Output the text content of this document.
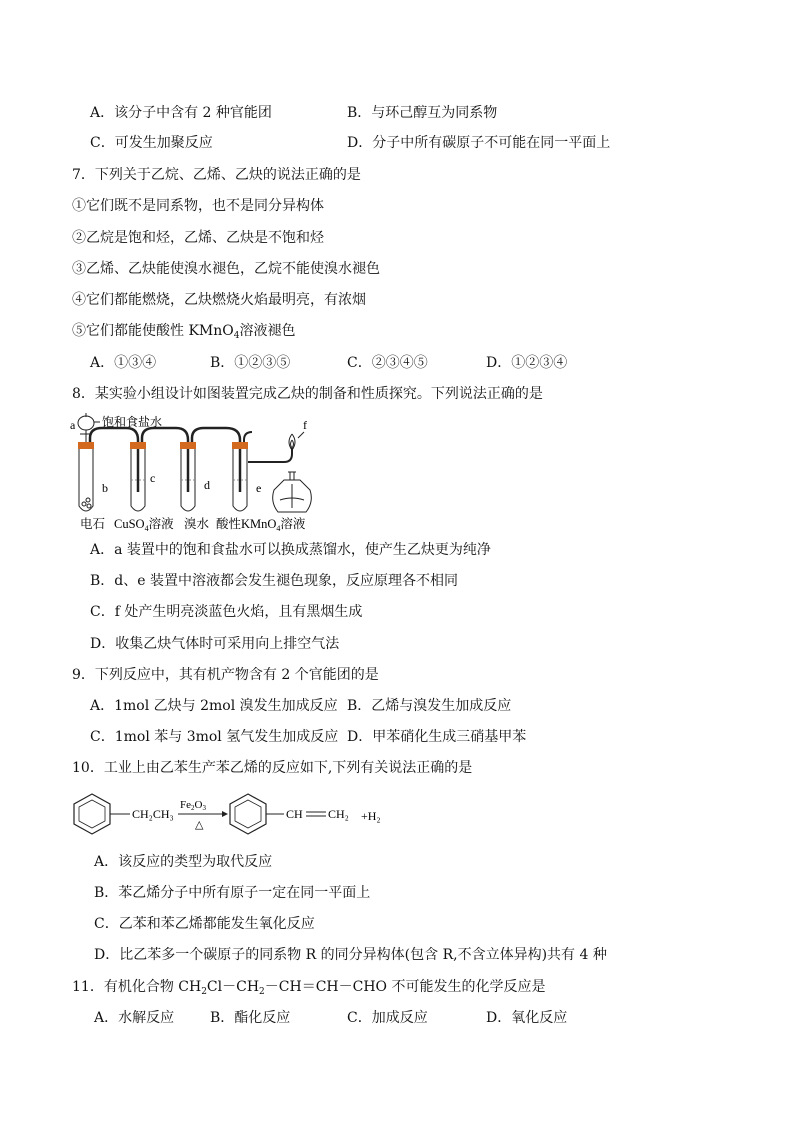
A．该分子中含有 2 种官能团	B．与环己醇互为同系物
C．可发生加聚反应	D．分子中所有碳原子不可能在同一平面上
7．下列关于乙烷、乙烯、乙炔的说法正确的是
①它们既不是同系物，也不是同分异构体
②乙烷是饱和烃，乙烯、乙炔是不饱和烃
③乙烯、乙炔能使溴水褪色，乙烷不能使溴水褪色
④它们都能燃烧，乙炔燃烧火焰最明亮，有浓烟
⑤它们都能使酸性 KMnO$_4$溶液褪色
A．①③④	B．①②③⑤	C．②③④⑤	D．①②③④
8．某实验小组设计如图装置完成乙炔的制备和性质探究。下列说法正确的是
a 饱和食盐水
b
c	d	e
f
电石 CuSO$_4$溶液 溴水 酸性KMnO$_4$溶液
A．a 装置中的饱和食盐水可以换成蒸馏水，使产生乙炔更为纯净
B．d、e 装置中溶液都会发生褪色现象，反应原理各不相同
C．f 处产生明亮淡蓝色火焰，且有黑烟生成
D．收集乙炔气体时可采用向上排空气法
9．下列反应中，其有机产物含有 2 个官能团的是
A．1mol 乙炔与 2mol 溴发生加成反应 B．乙烯与溴发生加成反应
C．1mol 苯与 3mol 氢气发生加成反应 D．甲苯硝化生成三硝基甲苯
10．工业上由乙苯生产苯乙烯的反应如下,下列有关说法正确的是
CH₂CH₃
Fe2O3
△
CH CH₂ +H₂
A．该反应的类型为取代反应
B．苯乙烯分子中所有原子一定在同一平面上
C．乙苯和苯乙烯都能发生氧化反应
D．比乙苯多一个碳原子的同系物 R 的同分异构体(包含 R,不含立体异构)共有 4 种
11．有机化合物 $CH_2Cl-CH_2-CH=CH-CHO$ 不可能发生的化学反应是
A．水解反应	B．酯化反应	C．加成反应	D．氧化反应
